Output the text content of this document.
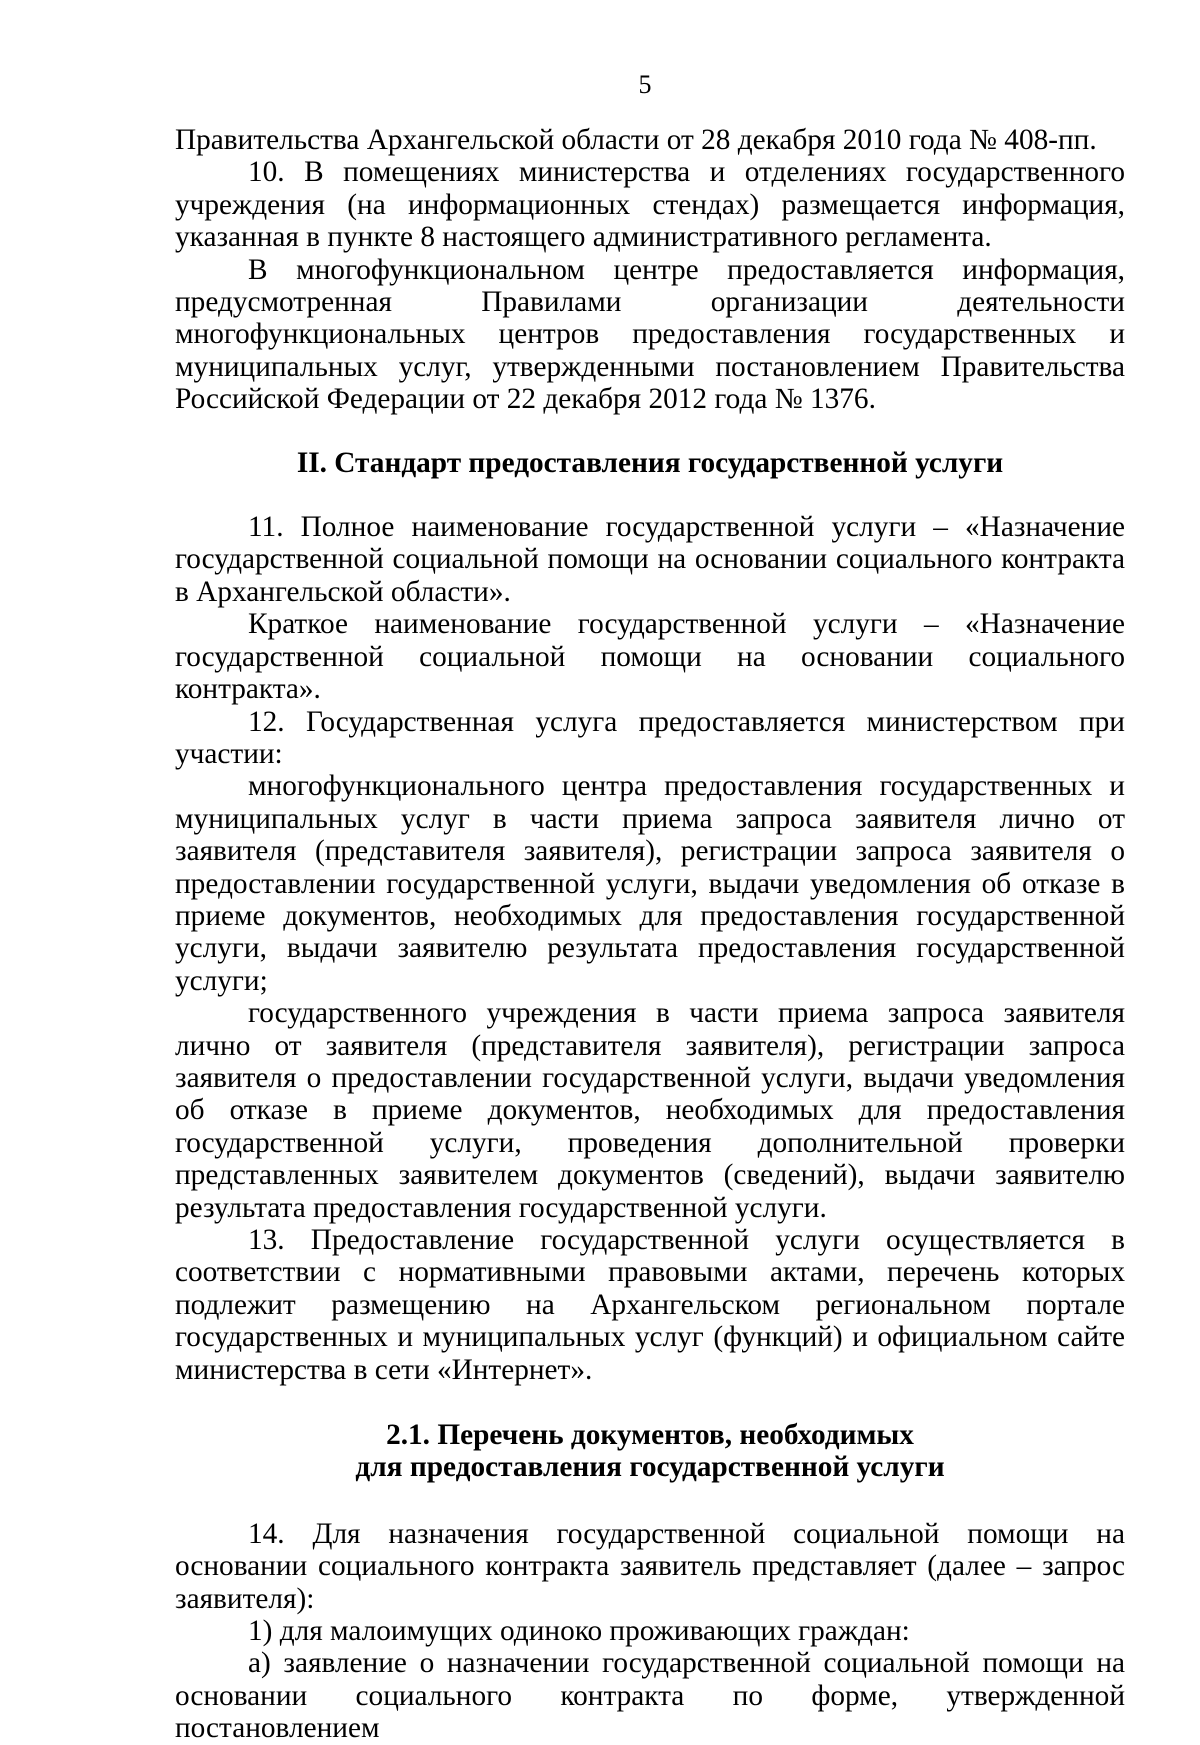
5

Правительства Архангельской области от 28 декабря 2010 года № 408-пп.

10. В помещениях министерства и отделениях государственного учреждения (на информационных стендах) размещается информация, указанная в пункте 8 настоящего административного регламента.

В многофункциональном центре предоставляется информация, предусмотренная Правилами организации деятельности многофункциональных центров предоставления государственных и муниципальных услуг, утвержденными постановлением Правительства Российской Федерации от 22 декабря 2012 года № 1376.

II. Стандарт предоставления государственной услуги

11. Полное наименование государственной услуги – «Назначение государственной социальной помощи на основании социального контракта в Архангельской области».

Краткое наименование государственной услуги – «Назначение государственной социальной помощи на основании социального контракта».

12. Государственная услуга предоставляется министерством при участии:

многофункционального центра предоставления государственных и муниципальных услуг в части приема запроса заявителя лично от заявителя (представителя заявителя), регистрации запроса заявителя о предоставлении государственной услуги, выдачи уведомления об отказе в приеме документов, необходимых для предоставления государственной услуги, выдачи заявителю результата предоставления государственной услуги;

государственного учреждения в части приема запроса заявителя лично от заявителя (представителя заявителя), регистрации запроса заявителя о предоставлении государственной услуги, выдачи уведомления об отказе в приеме документов, необходимых для предоставления государственной услуги, проведения дополнительной проверки представленных заявителем документов (сведений), выдачи заявителю результата предоставления государственной услуги.

13. Предоставление государственной услуги осуществляется в соответствии с нормативными правовыми актами, перечень которых подлежит размещению на Архангельском региональном портале государственных и муниципальных услуг (функций) и официальном сайте министерства в сети «Интернет».

2.1. Перечень документов, необходимых
для предоставления государственной услуги

14. Для назначения государственной социальной помощи на основании социального контракта заявитель представляет (далее – запрос заявителя):

1) для малоимущих одиноко проживающих граждан:

а) заявление о назначении государственной социальной помощи на основании социального контракта по форме, утвержденной постановлением
